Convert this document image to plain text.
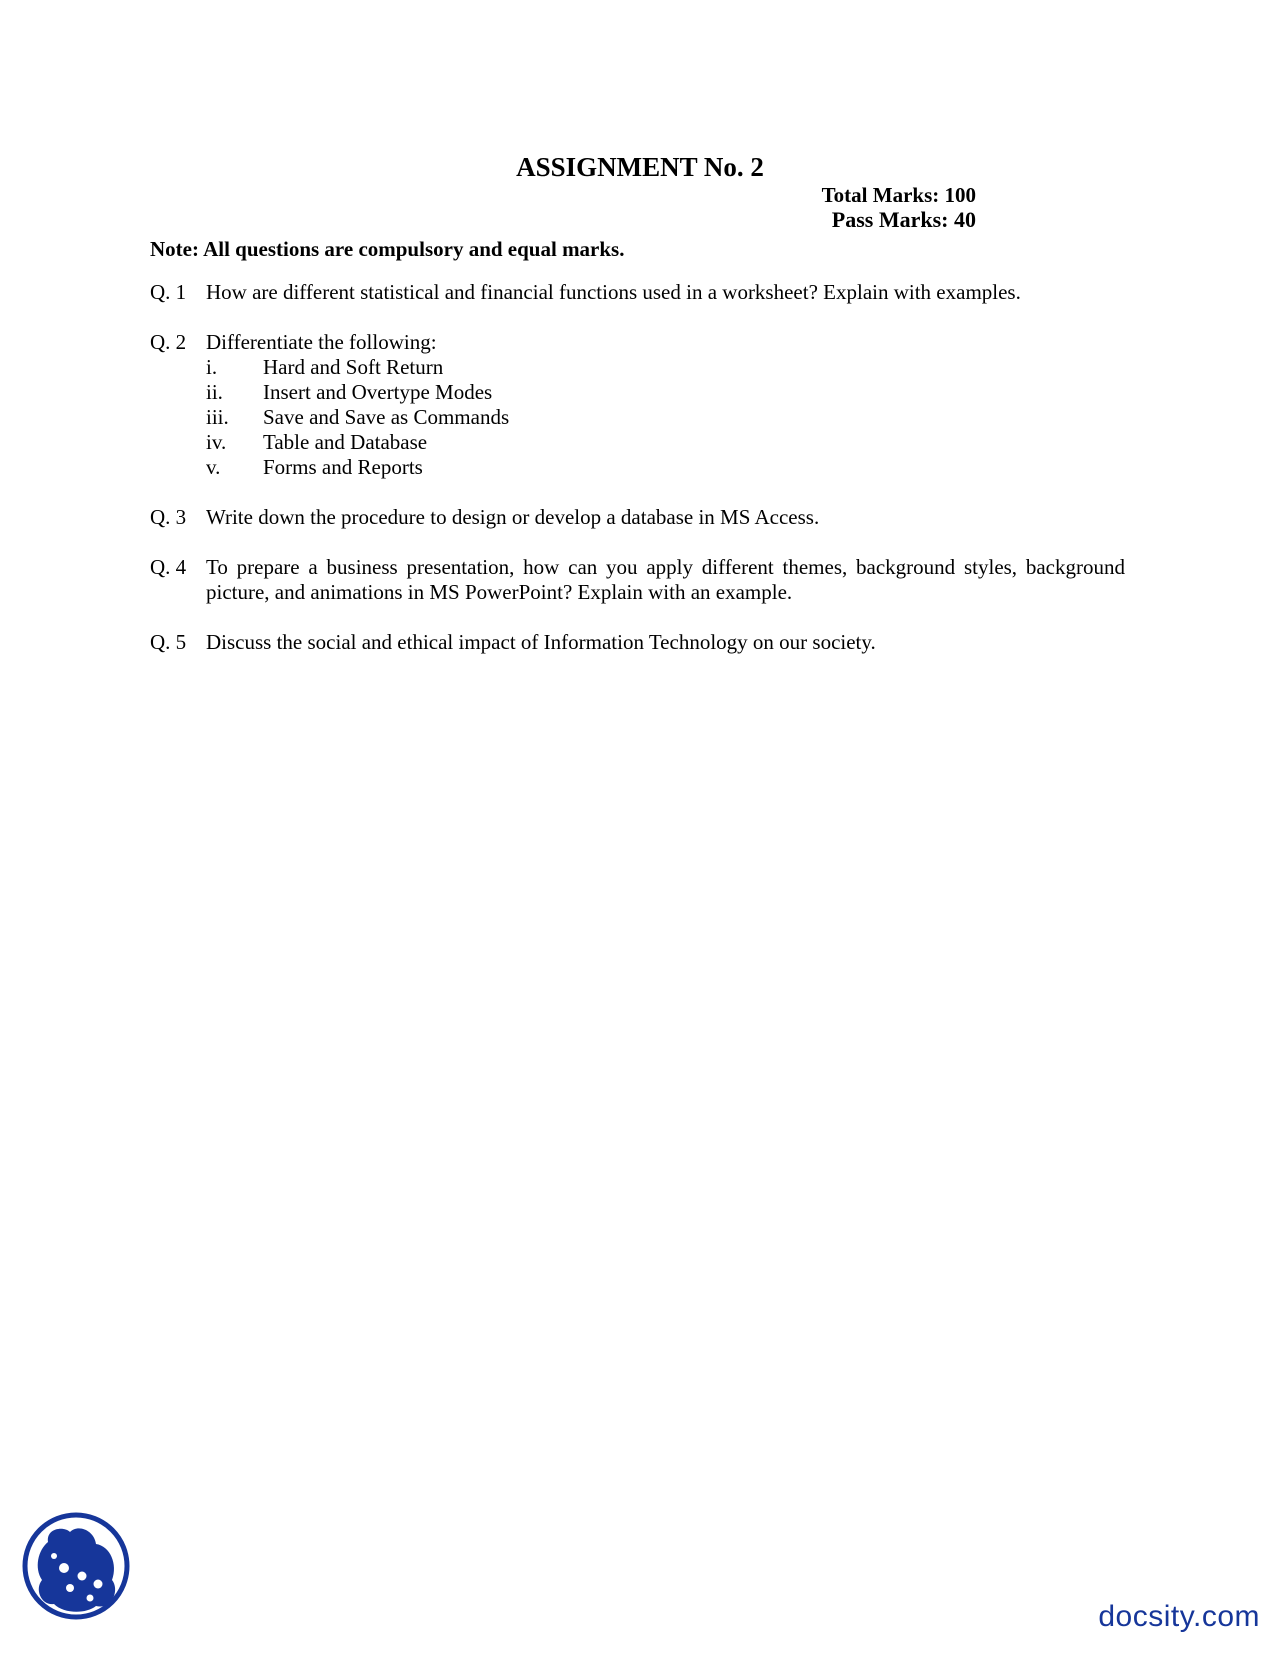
ASSIGNMENT No. 2
Total Marks: 100
Pass Marks: 40
Note: All questions are compulsory and equal marks.
Q. 1 How are different statistical and financial functions used in a worksheet? Explain with examples.
Q. 2 Differentiate the following:
i.	Hard and Soft Return
ii.	Insert and Overtype Modes
iii.	Save and Save as Commands
iv.	Table and Database
v.	Forms and Reports
Q. 3 Write down the procedure to design or develop a database in MS Access.
Q. 4 To prepare a business presentation, how can you apply different themes, background styles, background picture, and animations in MS PowerPoint? Explain with an example.
Q. 5 Discuss the social and ethical impact of Information Technology on our society.
docsity.com
